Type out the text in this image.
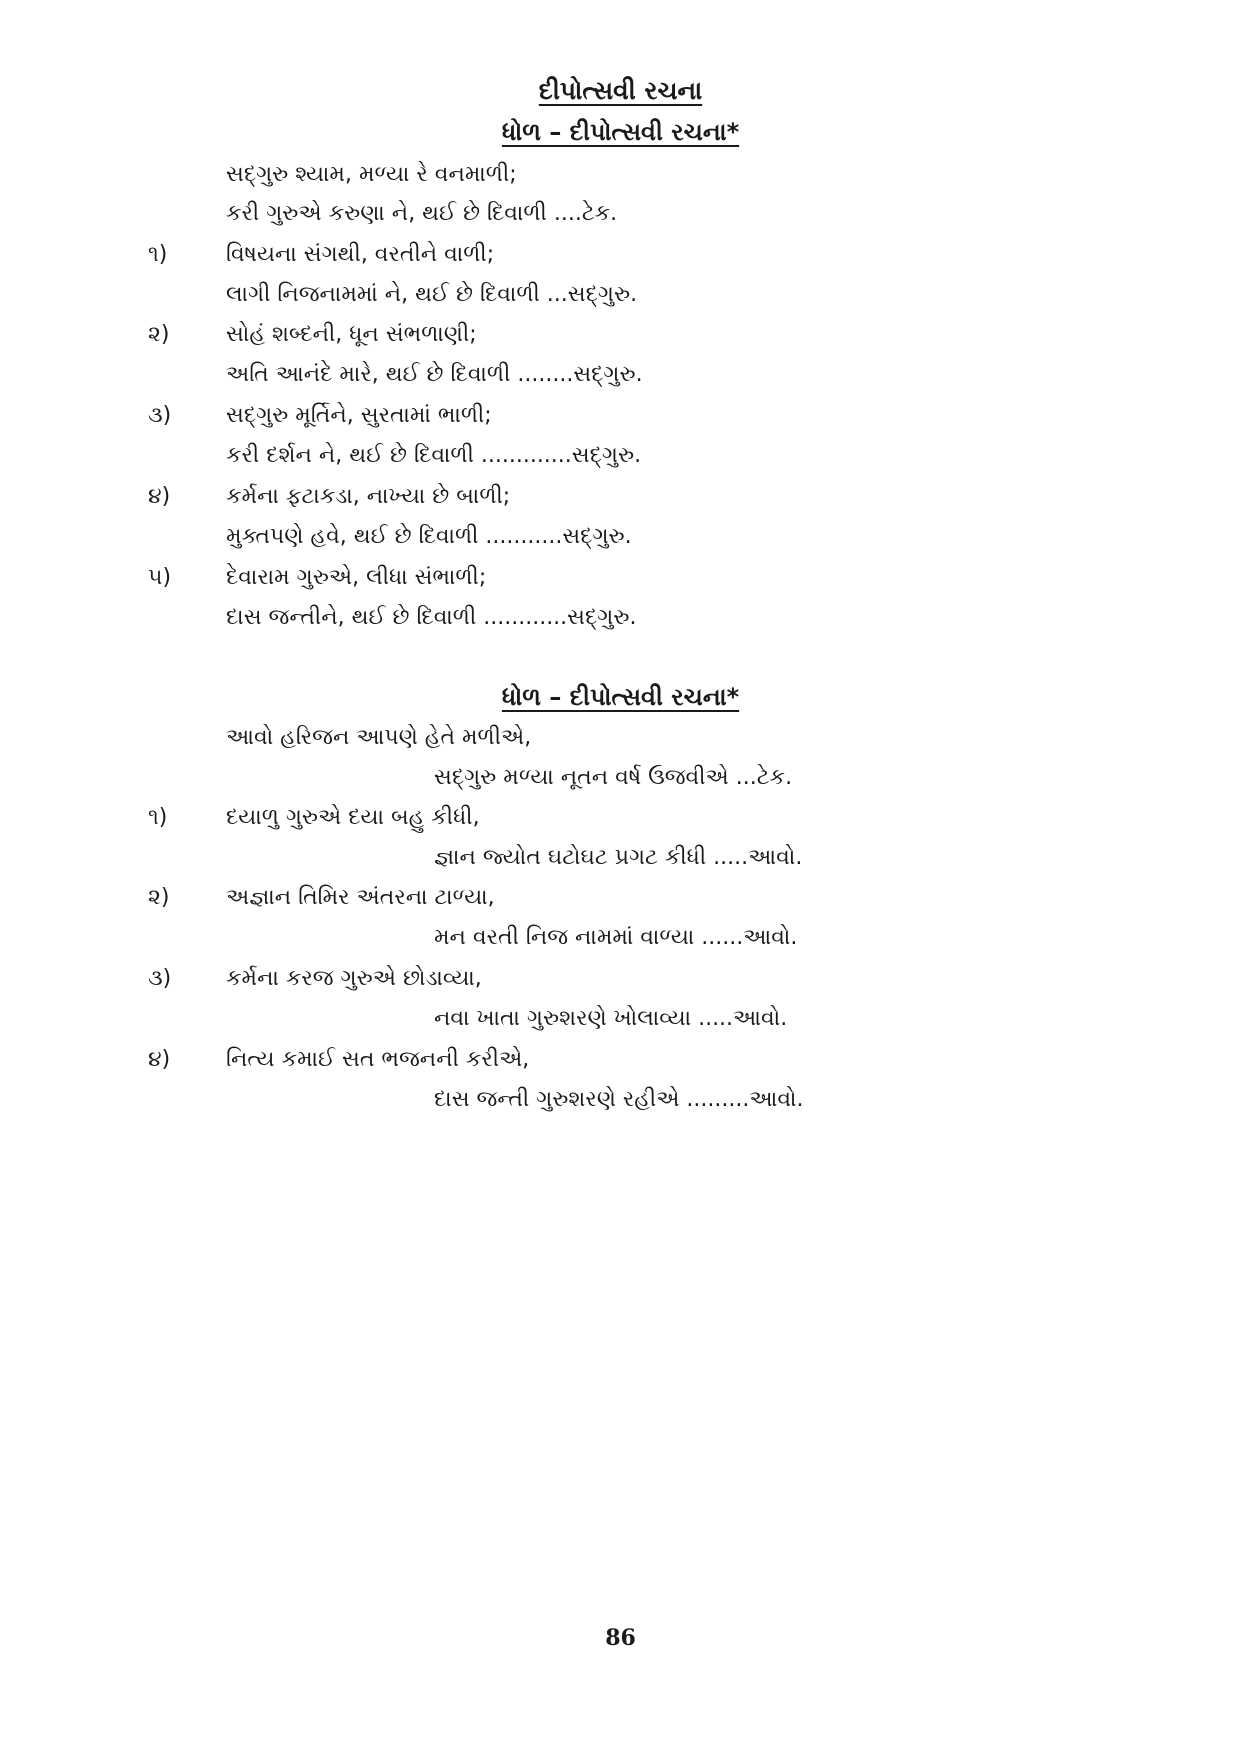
દીપોત્સવી રચના
ધોળ – દીપોત્સવી રચના*
સદ્‌ગુરુ શ્યામ, મળ્યા રે વનમાળી;
કરી ગુરુએ કરુણા ને, થઈ છે દિવાળી ....ટેક.
૧)	વિષયના સંગથી, વરતીને વાળી;
લાગી નિજનામમાં ને, થઈ છે દિવાળી ...સદ્‌ગુરુ.
૨)	સોહં શબ્દની, ધૂન સંભળાણી;
અતિ આનંદે મારે, થઈ છે દિવાળી ........સદ્‌ગુરુ.
૩) સદ્‌ગુરુ મૂર્તિને, સુરતામાં ભાળી;
કરી દર્શન ને, થઈ છે દિવાળી .............સદ્‌ગુરુ.
૪)	કર્મના ફટાકડા, નાખ્યા છે બાળી;
મુક્તપણે હવે, થઈ છે દિવાળી ...........સદ્‌ગુરુ.
૫) દેવારામ ગુરુએ, લીધા સંભાળી;
દાસ જન્તીને, થઈ છે દિવાળી ............સદ્‌ગુરુ.
ધોળ – દીપોત્સવી રચના*
આવો હરિજન આપણે હેતે મળીએ,
સદ્‌ગુરુ મળ્યા નૂતન વર્ષ ઉજવીએ ...ટેક.
૧)	દયાળુ ગુરુએ દયા બહુ કીધી,
જ્ઞાન જ્યોત ઘટોઘટ પ્રગટ કીધી .....આવો.
૨)	અજ્ઞાન તિમિર અંતરના ટાળ્યા,
મન વરતી નિજ નામમાં વાળ્યા ......આવો.
૩) કર્મના કરજ ગુરુએ છોડાવ્યા,
નવા ખાતા ગુરુશરણે ખોલાવ્યા .....આવો.
૪)	નિત્ય કમાઈ સત ભજનની કરીએ,
દાસ જન્તી ગુરુશરણે રહીએ .........આવો.
86
